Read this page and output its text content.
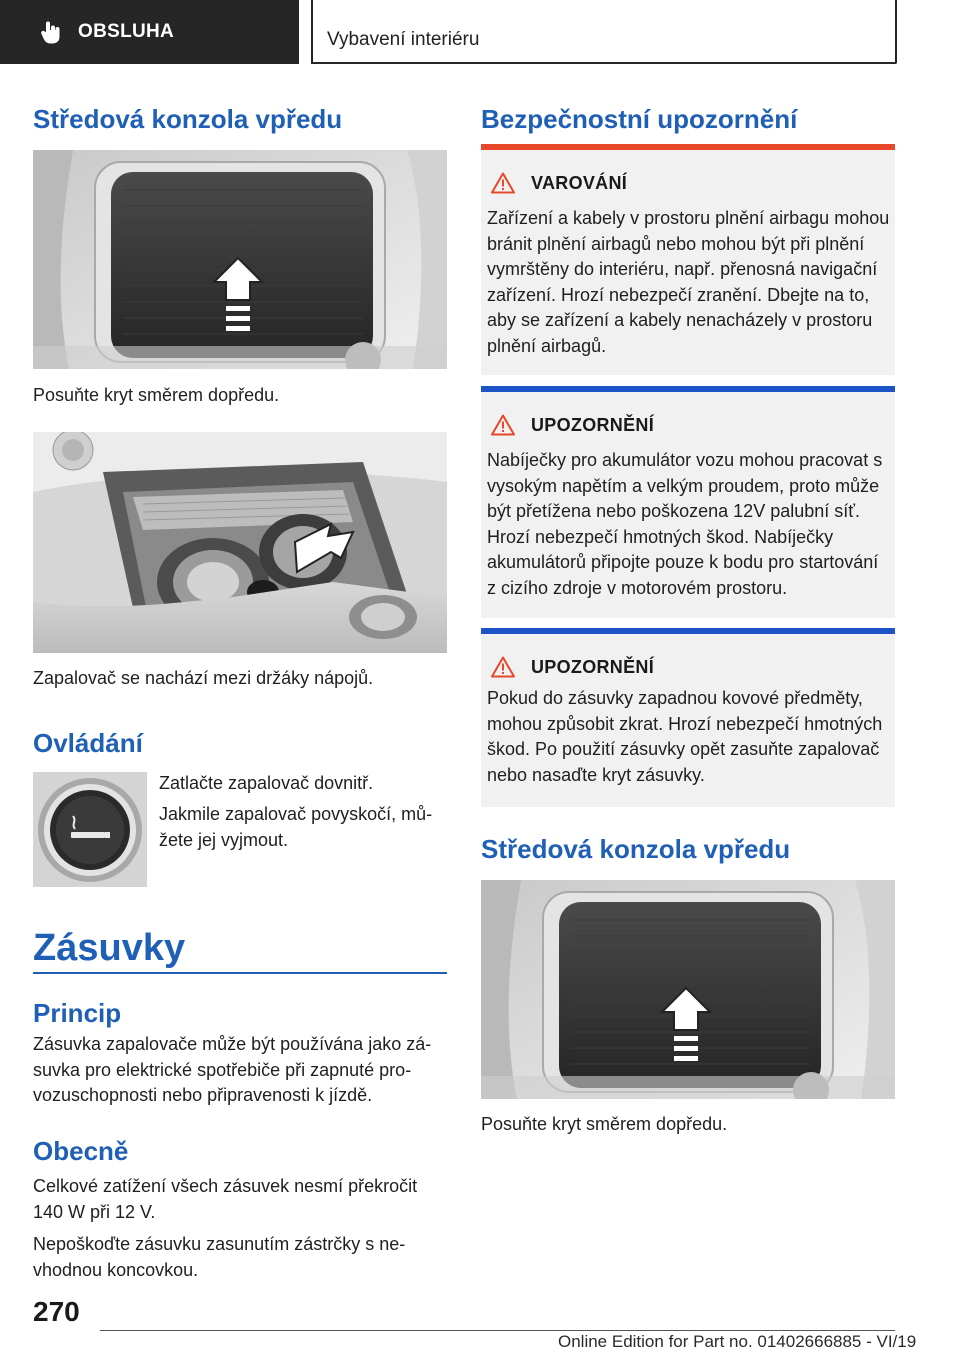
OBSLUHA	Vybavení interiéru
Středová konzola vpředu
Posuňte kryt směrem dopředu.
Zapalovač se nachází mezi držáky nápojů.
Ovládání
Zatlačte zapalovač dovnitř.
Jakmile zapalovač povyskočí, můžete jej vyjmout.
Zásuvky
Princip
Zásuvka zapalovače může být používána jako zásuvka pro elektrické spotřebiče při zapnuté provozuschopnosti nebo připravenosti k jízdě.
Obecně
Celkové zatížení všech zásuvek nesmí překročit 140 W při 12 V.
Nepoškoďte zásuvku zasunutím zástrčky s nevhodnou koncovkou.
Bezpečnostní upozornění
VAROVÁNÍ
Zařízení a kabely v prostoru plnění airbagu mohou bránit plnění airbagů nebo mohou být při plnění vymrštěny do interiéru, např. přenosná navigační zařízení. Hrozí nebezpečí zranění. Dbejte na to, aby se zařízení a kabely nenacházely v prostoru plnění airbagů.
UPOZORNĚNÍ
Nabíječky pro akumulátor vozu mohou pracovat s vysokým napětím a velkým proudem, proto může být přetížena nebo poškozena 12V palubní síť. Hrozí nebezpečí hmotných škod. Nabíječky akumulátorů připojte pouze k bodu pro startování z cizího zdroje v motorovém prostoru.
UPOZORNĚNÍ
Pokud do zásuvky zapadnou kovové předměty, mohou způsobit zkrat. Hrozí nebezpečí hmotných škod. Po použití zásuvky opět zasuňte zapalovač nebo nasaďte kryt zásuvky.
Středová konzola vpředu
Posuňte kryt směrem dopředu.
270
Online Edition for Part no. 01402666885 - VI/19
